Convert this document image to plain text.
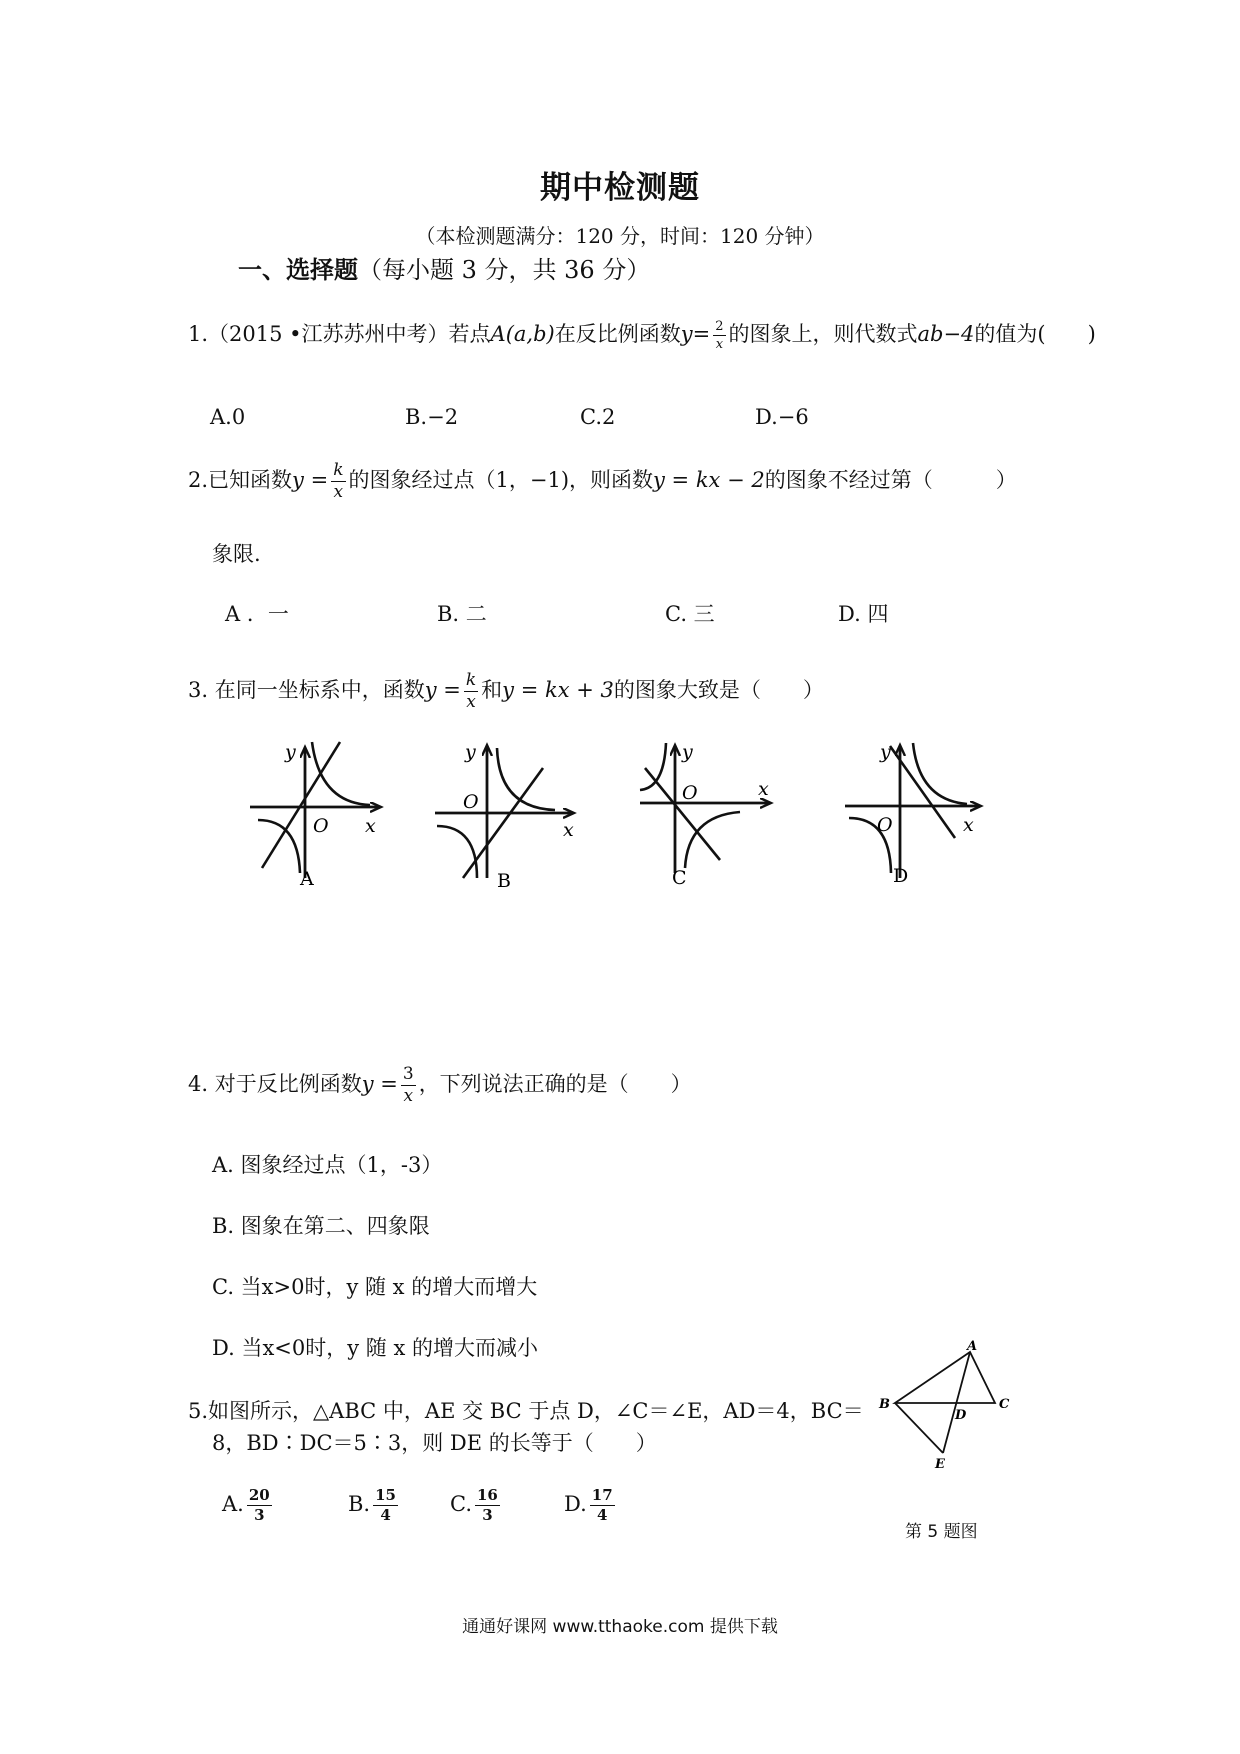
期中检测题
（本检测题满分：120 分，时间：120 分钟）
一、选择题（每小题 3 分，共 36 分）
1.（2015 •江苏苏州中考）若点A(a,b)在反比例函数$y= \frac{2}{x}$ 的图象上，则代数式ab−4的值为(　　)
A.0	B.−2	C.2	D.−6
2.已知函数$y = \frac{k}{x}$ 的图象经过点（1，−1)，则函数y = kx − 2的图象不经过第（　　　）
象限.
A ．一	B. 二	C. 三	D. 四
3. 在同一坐标系中，函数$y = \frac{k}{x}$ 和y = kx + 3的图象大致是（　　）
y
O x
A
y
O
x
B
y
O	x
C
y
O	x
D
4. 对于反比例函数$y = \frac{3}{x}$ ，下列说法正确的是（　　）
A. 图象经过点（1，-3）
B. 图象在第二、四象限
C. 当x>0时，y 随 x 的增大而增大
D. 当x<0时，y 随 x 的增大而减小
5.如图所示，△ABC 中，AE 交 BC 于点 D，∠C＝∠E，AD＝4，BC＝
8，BD∶DC＝5∶3，则 DE 的长等于（　　）
A. $\frac{20}{3}$	B. $\frac{15}{4} C$. $\frac{16}{3}$	D. $\frac{17}{4}$
A
B	C
D
E
第 5 题图
通通好课网 www.tthaoke.com 提供下载
